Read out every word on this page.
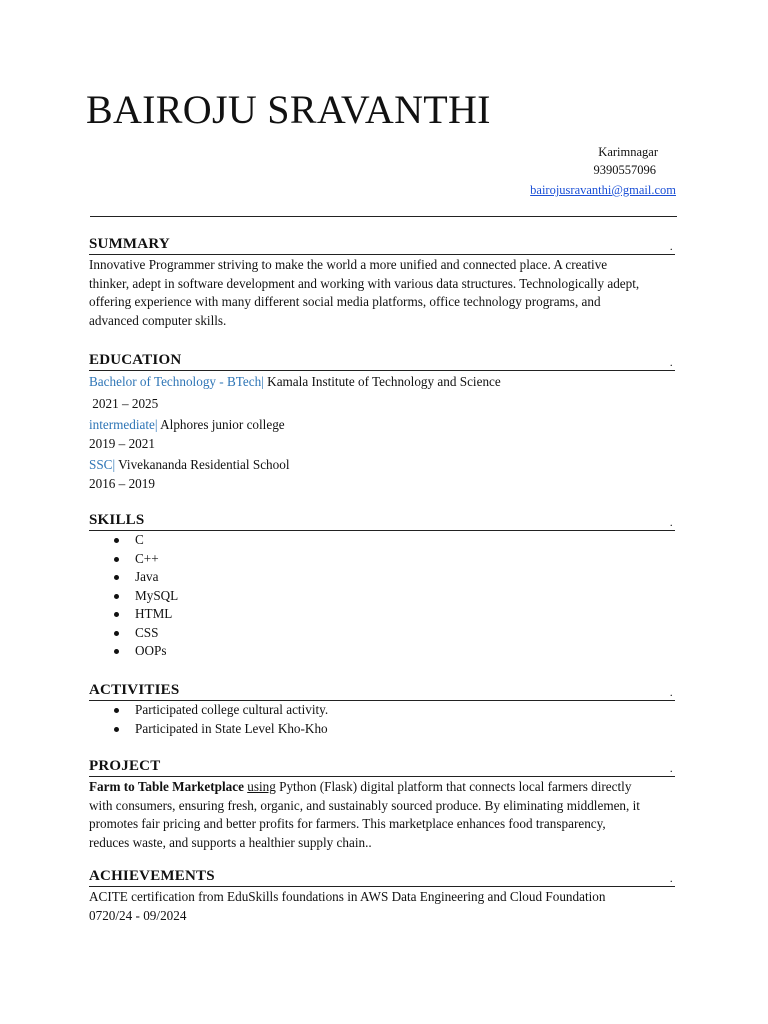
BAIROJU SRAVANTHI
Karimnagar
9390557096
bairojusravanthi@gmail.com
SUMMARY	.
Innovative Programmer striving to make the world a more unified and connected place. A creative
thinker, adept in software development and working with various data structures. Technologically adept,
offering experience with many different social media platforms, office technology programs, and
advanced computer skills.
EDUCATION	.
Bachelor of Technology - BTech| Kamala Institute of Technology and Science
2021 – 2025
intermediate| Alphores junior college
2019 – 2021
SSC| Vivekananda Residential School
2016 – 2019
SKILLS	.
C
C++
Java
MySQL
HTML
CSS
OOPs
ACTIVITIES	.
Participated college cultural activity.
Participated in State Level Kho-Kho
PROJECT	.
Farm to Table Marketplace using Python (Flask) digital platform that connects local farmers directly
with consumers, ensuring fresh, organic, and sustainably sourced produce. By eliminating middlemen, it
promotes fair pricing and better profits for farmers. This marketplace enhances food transparency,
reduces waste, and supports a healthier supply chain..
ACHIEVEMENTS	.
ACITE certification from EduSkills foundations in AWS Data Engineering and Cloud Foundation
0720/24 - 09/2024
